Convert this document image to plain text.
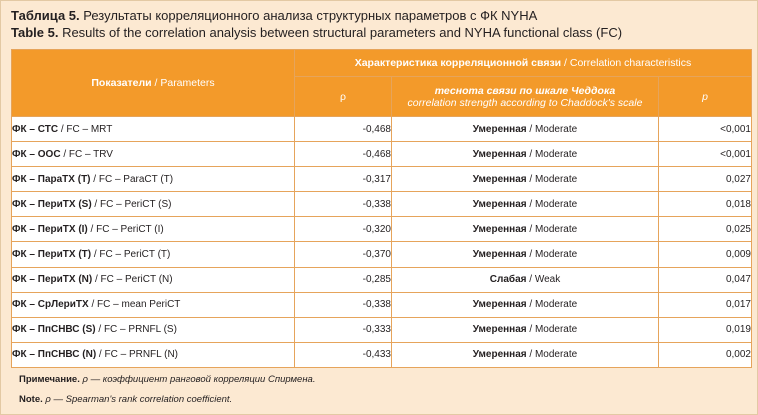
Таблица 5. Результаты корреляционного анализа структурных параметров с ФК NYHA
Table 5. Results of the correlation analysis between structural parameters and NYHA functional class (FC)
Показатели / Parameters	Характеристика корреляционной связи / Correlation characteristics		
	ρ	теснота связи по шкале Чеддока
correlation strength according to Chaddock's scale	p
ФК – СТС / FC – MRT	-0,468	Умеренная / Moderate	<0,001
ФК – OOC / FC – TRV	-0,468	Умеренная / Moderate	<0,001
ФК – ПараТХ (Т) / FC – ParaCT (T)	-0,317	Умеренная / Moderate	0,027
ФК – ПериТХ (S) / FC – PeriCT (S)	-0,338	Умеренная / Moderate	0,018
ФК – ПериТХ (I) / FC – PeriCT (I)	-0,320	Умеренная / Moderate	0,025
ФК – ПериТХ (T) / FC – PeriCT (T)	-0,370	Умеренная / Moderate	0,009
ФК – ПериТХ (N) / FC – PeriCT (N)	-0,285	Слабая / Weak	0,047
ФК – СрЛериТХ / FC – mean PeriCT	-0,338	Умеренная / Moderate	0,017
ФК – ПпСНВС (S) / FC – PRNFL (S)	-0,333	Умеренная / Moderate	0,019
ФК – ПпСНВС (N) / FC – PRNFL (N)	-0,433	Умеренная / Moderate	0,002
Примечание. ρ — коэффициент ранговой корреляции Спирмена.
Note. ρ — Spearman's rank correlation coefficient.
